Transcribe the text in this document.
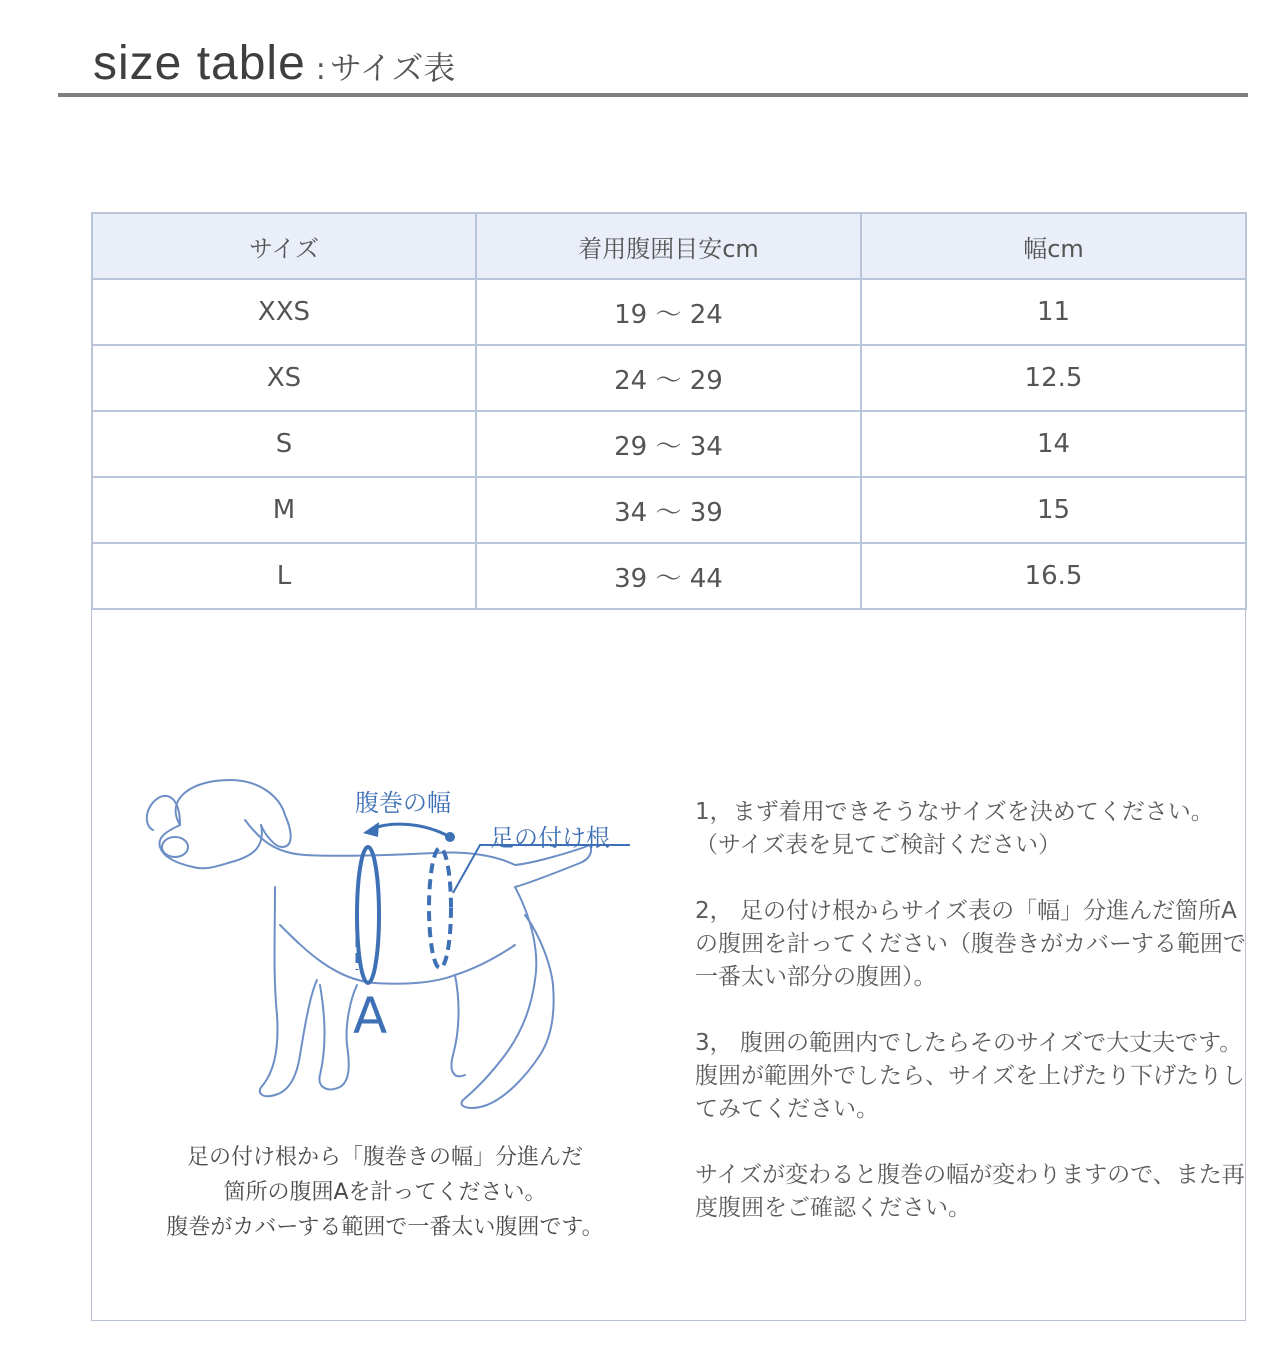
size table : サイズ表
サイズ	着用腹囲目安cm	幅cm
XXS	19 〜 24	11
XS	24 〜 29	12.5
S	29 〜 34	14
M	34 〜 39	15
L	39 〜 44	16.5
腹巻の幅
足の付け根
A
足の付け根から「腹巻きの幅」分進んだ
箇所の腹囲Aを計ってください。
腹巻がカバーする範囲で一番太い腹囲です。

1，まず着用できそうなサイズを決めてください。（サイズ表を見てご検討ください）

2， 足の付け根からサイズ表の「幅」分進んだ箇所Aの腹囲を計ってください（腹巻きがカバーする範囲で一番太い部分の腹囲）。

3， 腹囲の範囲内でしたらそのサイズで大丈夫です。 腹囲が範囲外でしたら、サイズを上げたり下げたりしてみてください。

サイズが変わると腹巻の幅が変わりますので、また再度腹囲をご確認ください。
